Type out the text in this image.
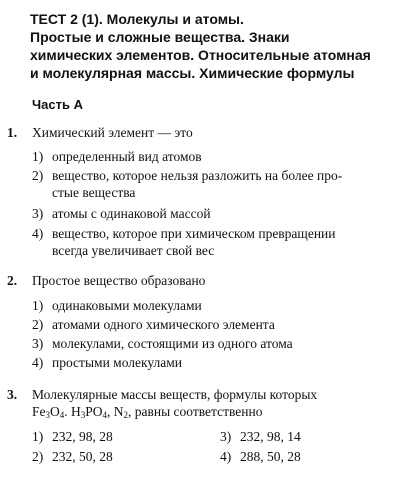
ТЕСТ 2 (1). Молекулы и атомы.
Простые и сложные вещества. Знаки
химических элементов. Относительные атомная
и молекулярная массы. Химические формулы
Часть А
1. Химический элемент — это
1) определенный вид атомов
2) вещество, которое нельзя разложить на более про-
стые вещества
3) атомы с одинаковой массой
4) вещество, которое при химическом превращении
всегда увеличивает свой вес
2. Простое вещество образовано
1) одинаковыми молекулами
2) атомами одного химического элемента
3) молекулами, состоящими из одного атома
4) простыми молекулами
3. Молекулярные массы веществ, формулы которых
$Fe_3O_4$. $H_3PO_4$, $N_2$, равны соответственно
1) 232, 98, 28
2) 232, 50, 28
3) 232, 98, 14
4) 288, 50, 28
